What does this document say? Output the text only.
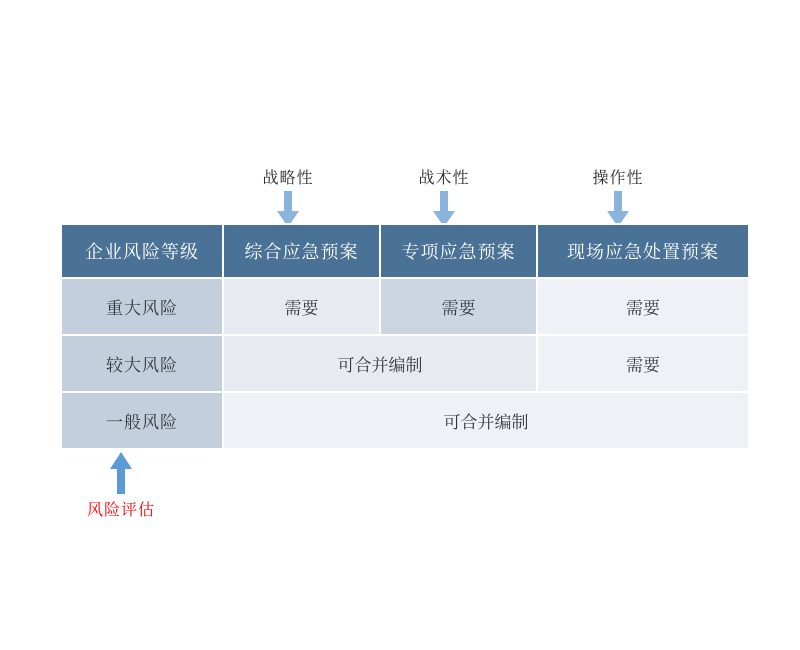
战略性	战术性	操作性
企业风险等级	综合应急预案	专项应急预案	现场应急处置预案
重大风险	需要	需要	需要
较大风险	可合并编制		需要
一般风险	可合并编制		
风险评估
